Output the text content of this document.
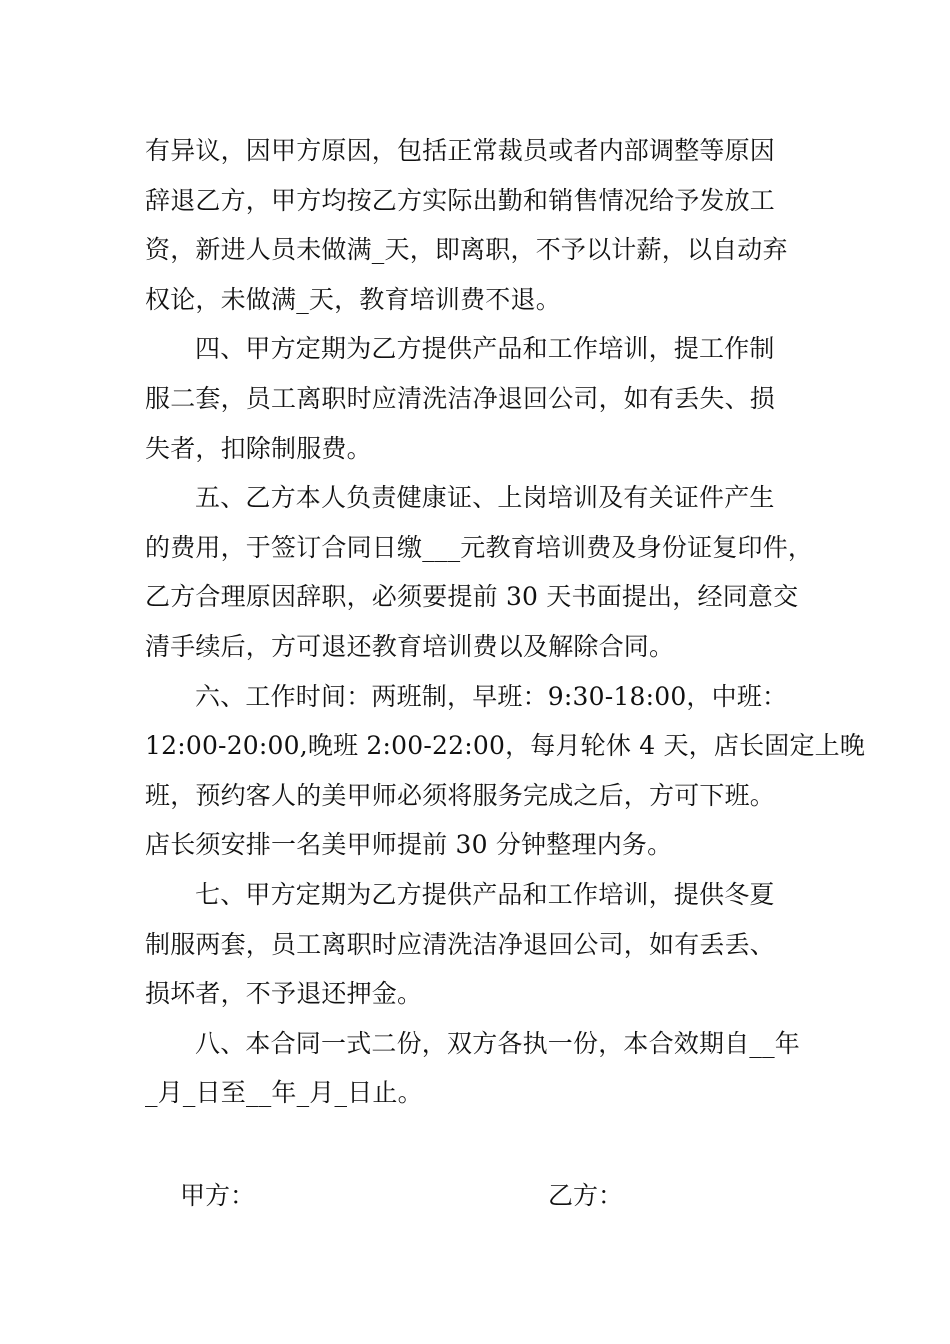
有异议，因甲方原因，包括正常裁员或者内部调整等原因
辞退乙方，甲方均按乙方实际出勤和销售情况给予发放工
资，新进人员未做满_天，即离职，不予以计薪，以自动弃
权论，未做满_天，教育培训费不退。
四、甲方定期为乙方提供产品和工作培训，提工作制
服二套，员工离职时应清洗洁净退回公司，如有丢失、损
失者，扣除制服费。
五、乙方本人负责健康证、上岗培训及有关证件产生
的费用，于签订合同日缴___元教育培训费及身份证复印件，
乙方合理原因辞职，必须要提前 30 天书面提出，经同意交
清手续后，方可退还教育培训费以及解除合同。
六、工作时间：两班制，早班：9:30-18:00，中班：
12:00-20:00,晚班 2:00-22:00，每月轮休 4 天，店长固定上晚
班，预约客人的美甲师必须将服务完成之后，方可下班。
店长须安排一名美甲师提前 30 分钟整理内务。
七、甲方定期为乙方提供产品和工作培训，提供冬夏
制服两套，员工离职时应清洗洁净退回公司，如有丢丢、
损坏者，不予退还押金。
八、本合同一式二份，双方各执一份，本合效期自__年
_月_日至__年_月_日止。
甲方：	乙方：
